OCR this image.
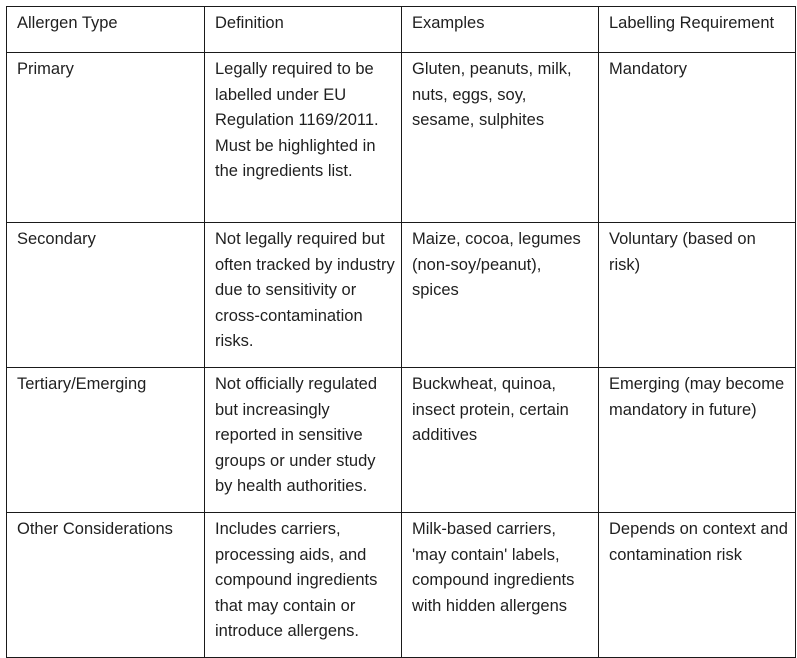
Allergen Type	Definition	Examples	Labelling Requirement
Primary	Legally required to be labelled under EU Regulation 1169/2011. Must be highlighted in the ingredients list.	Gluten, peanuts, milk, nuts, eggs, soy, sesame, sulphites	Mandatory
Secondary	Not legally required but often tracked by industry due to sensitivity or cross-contamination risks.	Maize, cocoa, legumes (non-soy/peanut), spices	Voluntary (based on risk)
Tertiary/Emerging	Not officially regulated but increasingly reported in sensitive groups or under study by health authorities.	Buckwheat, quinoa, insect protein, certain additives	Emerging (may become mandatory in future)
Other Considerations	Includes carriers, processing aids, and compound ingredients that may contain or introduce allergens.	Milk-based carriers, 'may contain' labels, compound ingredients with hidden allergens	Depends on context and contamination risk
